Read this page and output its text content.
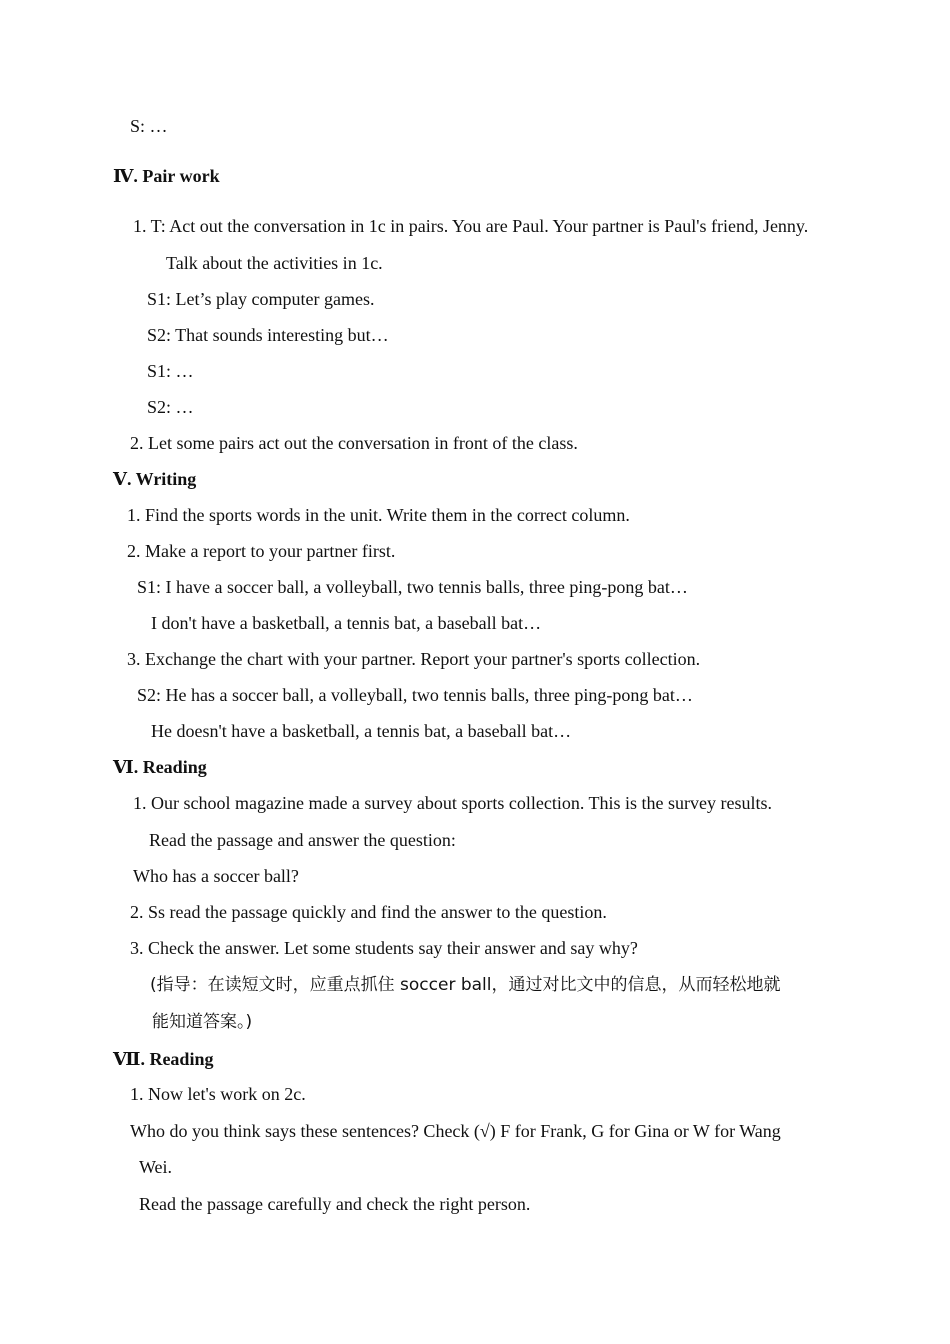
S: …
Ⅳ. Pair work
1. T: Act out the conversation in 1c in pairs. You are Paul. Your partner is Paul's friend, Jenny.
Talk about the activities in 1c.
S1: Let’s play computer games.
S2: That sounds interesting but…
S1: …
S2: …
2. Let some pairs act out the conversation in front of the class.
Ⅴ. Writing
1. Find the sports words in the unit. Write them in the correct column.
2. Make a report to your partner first.
S1: I have a soccer ball, a volleyball, two tennis balls, three ping-pong bat…
I don't have a basketball, a tennis bat, a baseball bat…
3. Exchange the chart with your partner. Report your partner's sports collection.
S2: He has a soccer ball, a volleyball, two tennis balls, three ping-pong bat…
He doesn't have a basketball, a tennis bat, a baseball bat…
Ⅵ. Reading
1. Our school magazine made a survey about sports collection. This is the survey results.
Read the passage and answer the question:
Who has a soccer ball?
2. Ss read the passage quickly and find the answer to the question.
3. Check the answer. Let some students say their answer and say why?
(指导：在读短文时，应重点抓住 soccer ball，通过对比文中的信息，从而轻松地就
能知道答案。)
Ⅶ. Reading
1. Now let's work on 2c.
Who do you think says these sentences? Check (√) F for Frank, G for Gina or W for Wang
Wei.
Read the passage carefully and check the right person.
